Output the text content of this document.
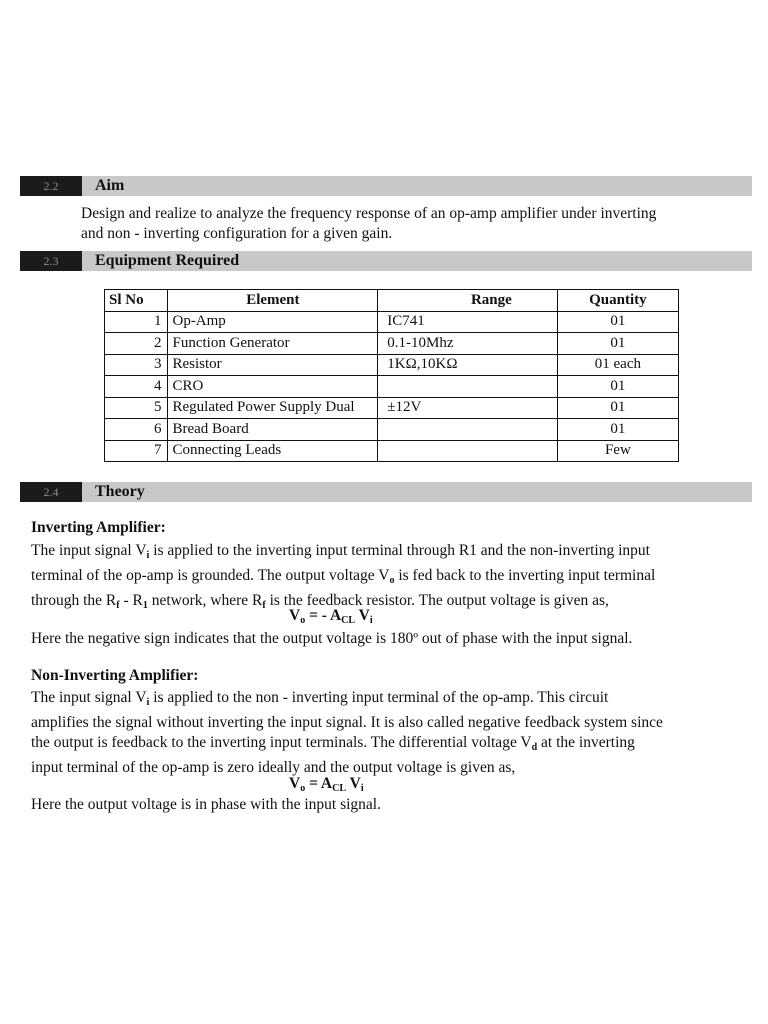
2.2	Aim
Design and realize to analyze the frequency response of an op-amp amplifier under inverting
and non - inverting configuration for a given gain.
2.3	Equipment Required
Sl No	Element	Range	Quantity
1	Op-Amp	IC741	01
2	Function Generator	0.1-10Mhz	01
3	Resistor	1KΩ,10KΩ	01 each
4	CRO		01
5	Regulated Power Supply Dual	±12V	01
6	Bread Board		01
7	Connecting Leads		Few
2.4	Theory
Inverting Amplifier:
The input signal $V_i$ is applied to the inverting input terminal through R1 and the non-inverting input
terminal of the op-amp is grounded. The output voltage $V_o$ is fed back to the inverting input terminal
through the $R_f - R_1$ network, where $R_f$ is the feedback resistor. The output voltage is given as,
$V_o$ = - $A_{CL}$ $V_i$
Here the negative sign indicates that the output voltage is 180º out of phase with the input signal.
Non-Inverting Amplifier:
The input signal $V_i$ is applied to the non - inverting input terminal of the op-amp. This circuit
amplifies the signal without inverting the input signal. It is also called negative feedback system since
the output is feedback to the inverting input terminals. The differential voltage $V_d$ at the inverting
input terminal of the op-amp is zero ideally and the output voltage is given as,
$V_o = A_{CL}$ $V_i$
Here the output voltage is in phase with the input signal.
